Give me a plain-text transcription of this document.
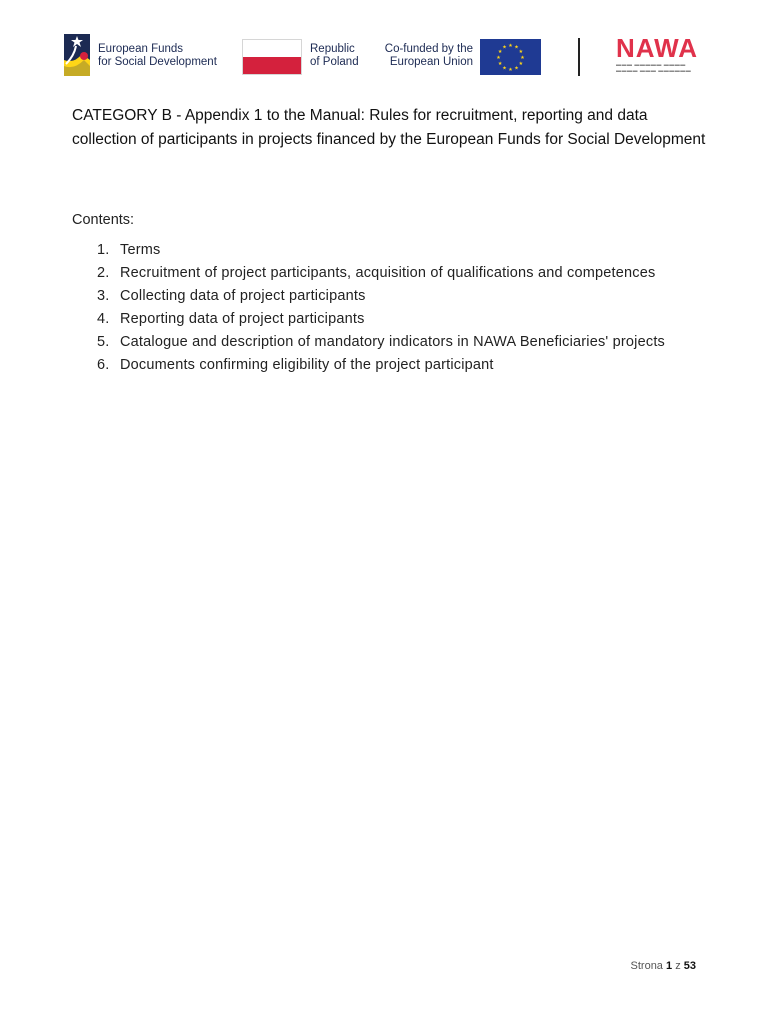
European Funds
for Social Development
Republic
of Poland
Co-funded by the
European Union
★ ★
★
★
★
★
★
★
★
★
★
★	NAWA
▬▬▬ ▬▬▬▬▬ ▬▬▬▬
▬▬▬▬ ▬▬▬ ▬▬▬▬▬▬
CATEGORY B - Appendix 1 to the Manual: Rules for recruitment, reporting and data collection of participants in projects financed by the European Funds for Social Development
Contents:
1. Terms
2. Recruitment of project participants, acquisition of qualifications and competences
3. Collecting data of project participants
4. Reporting data of project participants
5. Catalogue and description of mandatory indicators in NAWA Beneficiaries' projects
6. Documents confirming eligibility of the project participant
Strona 1 z 53
